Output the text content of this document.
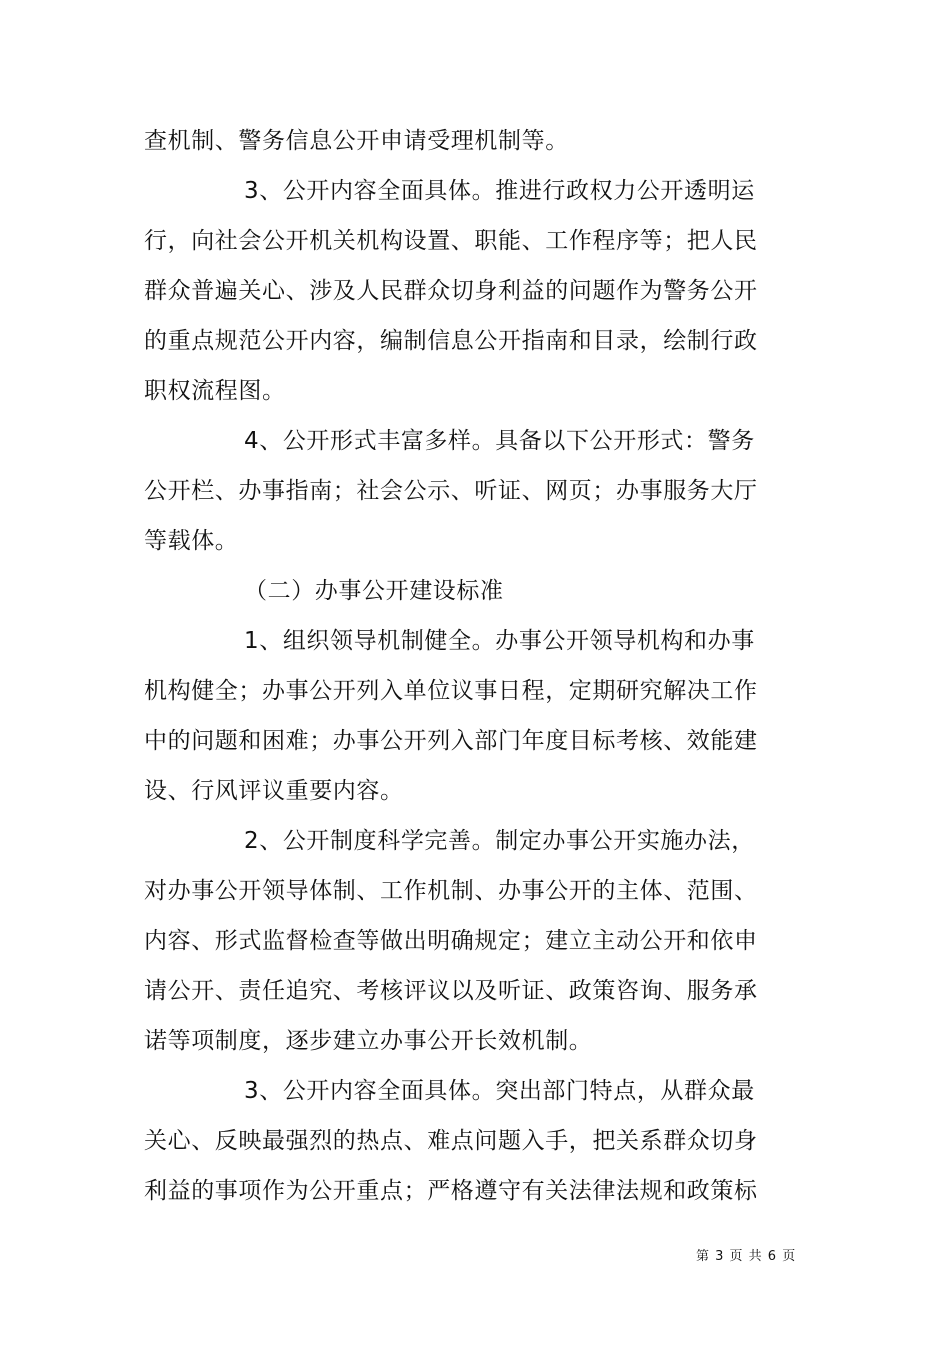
查机制、警务信息公开申请受理机制等。
3、公开内容全面具体。推进行政权力公开透明运
行，向社会公开机关机构设置、职能、工作程序等；把人民
群众普遍关心、涉及人民群众切身利益的问题作为警务公开
的重点规范公开内容，编制信息公开指南和目录，绘制行政
职权流程图。
4、公开形式丰富多样。具备以下公开形式：警务
公开栏、办事指南；社会公示、听证、网页；办事服务大厅
等载体。
（二）办事公开建设标准
1、组织领导机制健全。办事公开领导机构和办事
机构健全；办事公开列入单位议事日程，定期研究解决工作
中的问题和困难；办事公开列入部门年度目标考核、效能建
设、行风评议重要内容。
2、公开制度科学完善。制定办事公开实施办法，
对办事公开领导体制、工作机制、办事公开的主体、范围、
内容、形式监督检查等做出明确规定；建立主动公开和依申
请公开、责任追究、考核评议以及听证、政策咨询、服务承
诺等项制度，逐步建立办事公开长效机制。
3、公开内容全面具体。突出部门特点，从群众最
关心、反映最强烈的热点、难点问题入手，把关系群众切身
利益的事项作为公开重点；严格遵守有关法律法规和政策标
第 3 页 共 6 页
